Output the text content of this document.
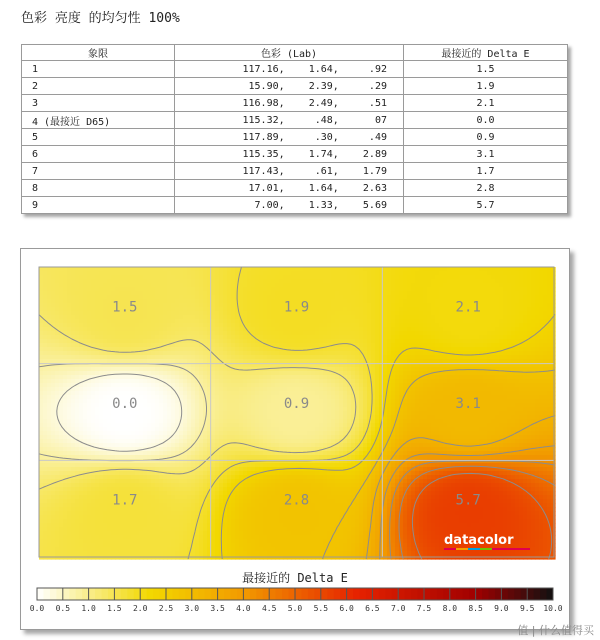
色彩 亮度 的均匀性 100%
象限	色彩 (Lab)	最接近的 Delta E
1	117.16,    1.64,     .92	1.5
2	15.90,    2.39,     .29	1.9
3	116.98,    2.49,     .51	2.1
4 (最接近 D65)	115.32,     .48,      07	0.0
5	117.89,     .30,     .49	0.9
6	115.35,    1.74,    2.89	3.1
7	117.43,     .61,    1.79	1.7
8	17.01,    1.64,    2.63	2.8
9	7.00,    1.33,    5.69	5.7
1.5	1.9	2.1
0.0	0.9	3.1
1.7	2.8	5.7
datacolor
最接近的 Delta E
0.0 0.5 1.0 1.5 2.0 2.5 3.0 3.5 4.0 4.5 5.0 5.5 6.0 6.5 7.0 7.5 8.0 8.5 9.0 9.5 10.0
值 | 什么值得买
